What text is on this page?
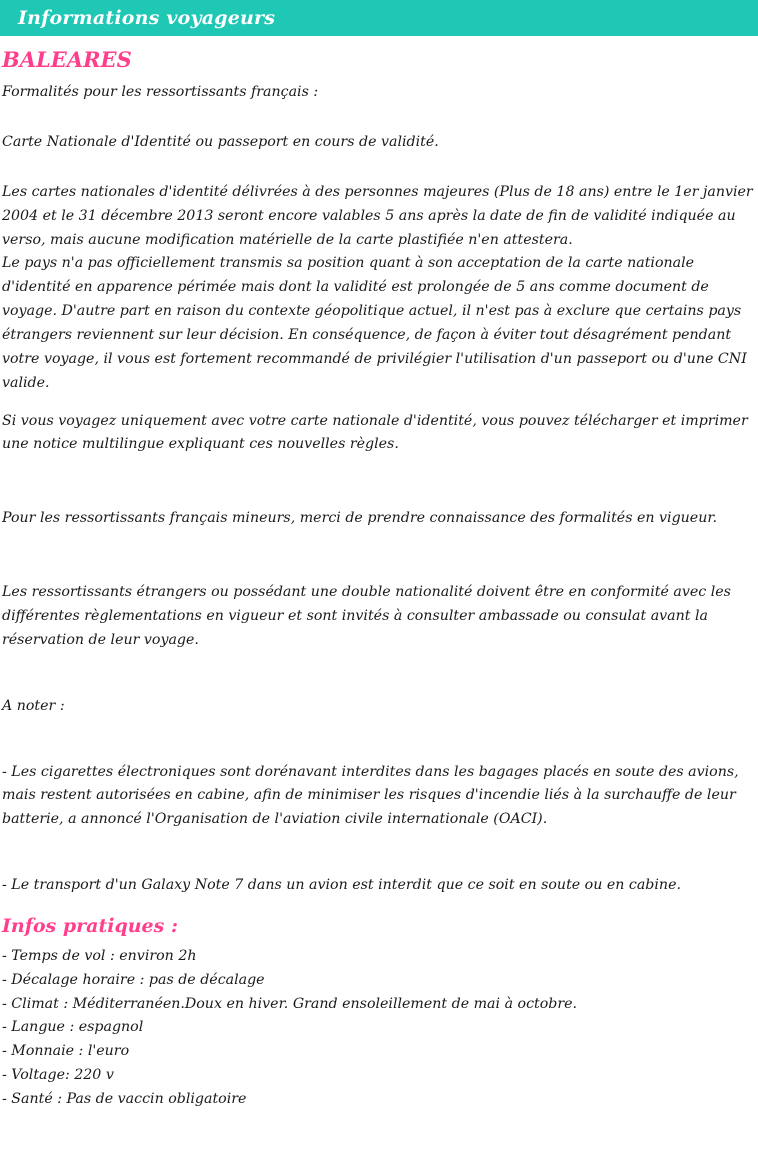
Informations voyageurs
BALEARES

Formalités pour les ressortissants français :

Carte Nationale d'Identité ou passeport en cours de validité.

Les cartes nationales d'identité délivrées à des personnes majeures (Plus de 18 ans) entre le 1er janvier 2004 et le 31 décembre 2013 seront encore valables 5 ans après la date de fin de validité indiquée au verso, mais aucune modification matérielle de la carte plastifiée n'en attestera.

Le pays n'a pas officiellement transmis sa position quant à son acceptation de la carte nationale d'identité en apparence périmée mais dont la validité est prolongée de 5 ans comme document de voyage. D'autre part en raison du contexte géopolitique actuel, il n'est pas à exclure que certains pays étrangers reviennent sur leur décision. En conséquence, de façon à éviter tout désagrément pendant votre voyage, il vous est fortement recommandé de privilégier l'utilisation d'un passeport ou d'une CNI valide.

Si vous voyagez uniquement avec votre carte nationale d'identité, vous pouvez télécharger et imprimer une notice multilingue expliquant ces nouvelles règles.

Pour les ressortissants français mineurs, merci de prendre connaissance des formalités en vigueur.

Les ressortissants étrangers ou possédant une double nationalité doivent être en conformité avec les différentes règlementations en vigueur et sont invités à consulter ambassade ou consulat avant la réservation de leur voyage.

A noter :

- Les cigarettes électroniques sont dorénavant interdites dans les bagages placés en soute des avions, mais restent autorisées en cabine, afin de minimiser les risques d'incendie liés à la surchauffe de leur batterie, a annoncé l'Organisation de l'aviation civile internationale (OACI).

- Le transport d'un Galaxy Note 7 dans un avion est interdit que ce soit en soute ou en cabine.

Infos pratiques :

- Temps de vol : environ 2h

- Décalage horaire : pas de décalage

- Climat : Méditerranéen.Doux en hiver. Grand ensoleillement de mai à octobre.

- Langue : espagnol

- Monnaie : l'euro

- Voltage: 220 v

- Santé : Pas de vaccin obligatoire
